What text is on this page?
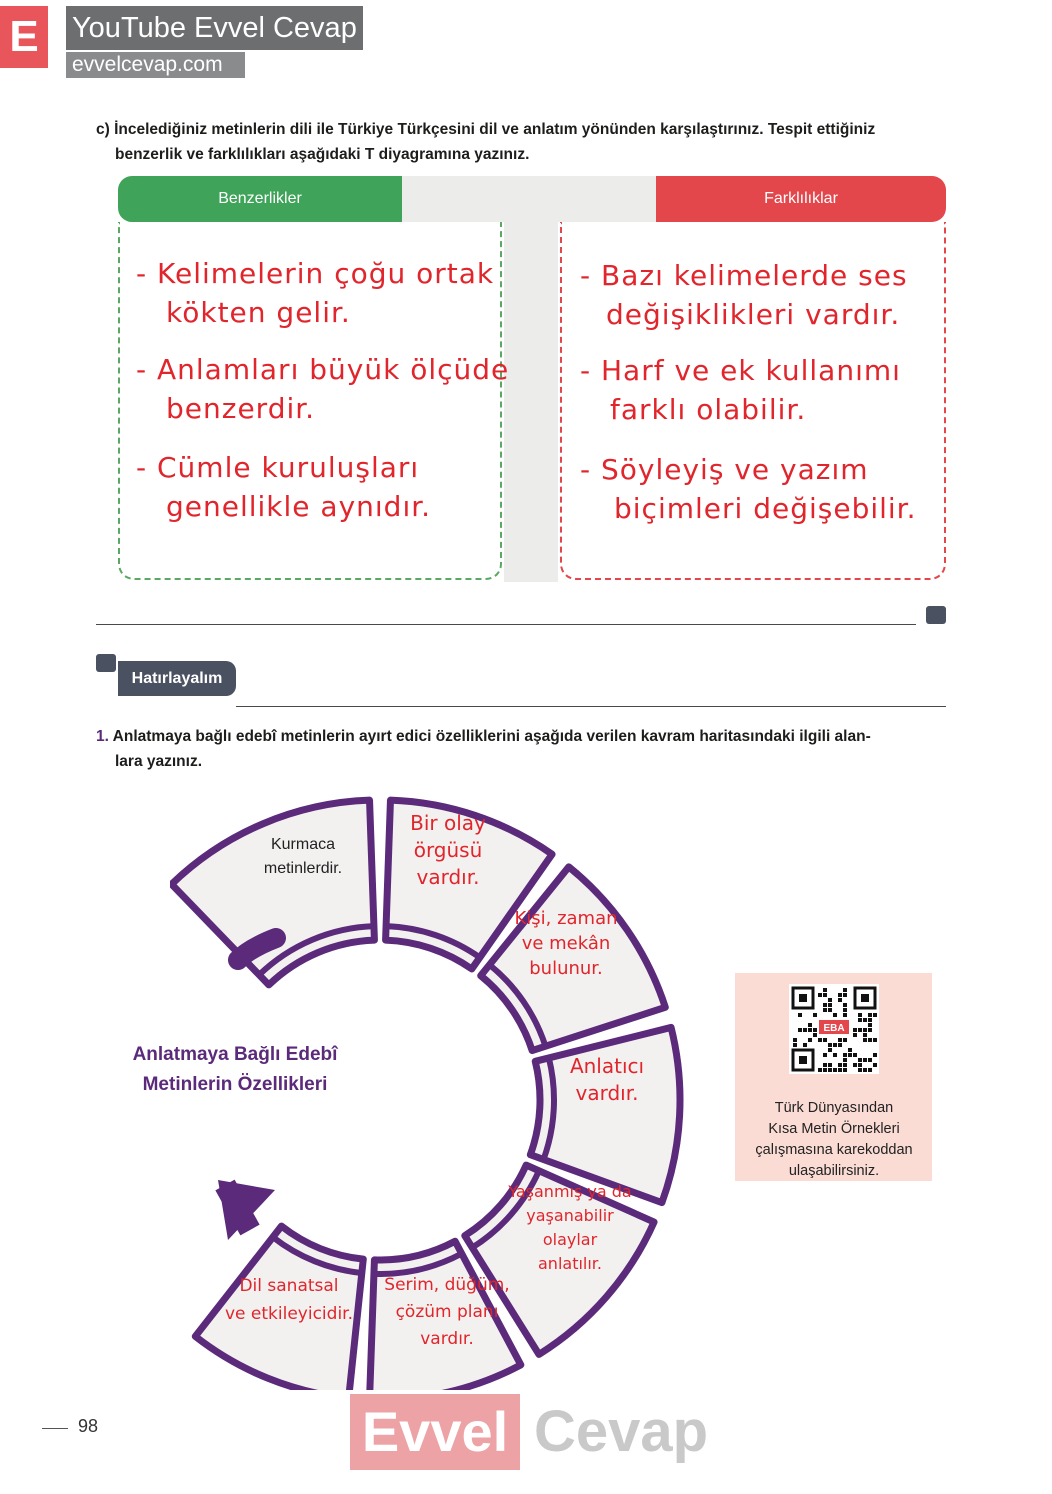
E	YouTube Evvel Cevap
evvelcevap.com
c) İncelediğiniz metinlerin dili ile Türkiye Türkçesini dil ve anlatım yönünden karşılaştırınız. Tespit ettiğiniz
benzerlik ve farklılıkları aşağıdaki T diyagramına yazınız.
Benzerlikler	Farklılıklar
- Kelimelerin çoğu ortak
kökten gelir.
- Anlamları büyük ölçüde
benzerdir.
- Cümle kuruluşları
genellikle aynıdır.
- Bazı kelimelerde ses
değişiklikleri vardır.
- Harf ve ek kullanımı
farklı olabilir.
- Söyleyiş ve yazım
biçimleri değişebilir.
Hatırlayalım
1. Anlatmaya bağlı edebî metinlerin ayırt edici özelliklerini aşağıda verilen kavram haritasındaki ilgili alan-
lara yazınız.
Kurmaca
metinlerdir.
Bir olay
örgüsü
vardır.
Kişi, zaman
ve mekân
bulunur.
Anlatıcı
vardır.
Yaşanmış ya da
yaşanabilir
olaylar
anlatılır.
Serim, düğüm,
çözüm planı
vardır.
Dil sanatsal
ve etkileyicidir.
Anlatmaya Bağlı Edebî
Metinlerin Özellikleri
EBA
Türk Dünyasından
Kısa Metin Örnekleri
çalışmasına karekoddan
ulaşabilirsiniz.
98	Evvel Cevap
